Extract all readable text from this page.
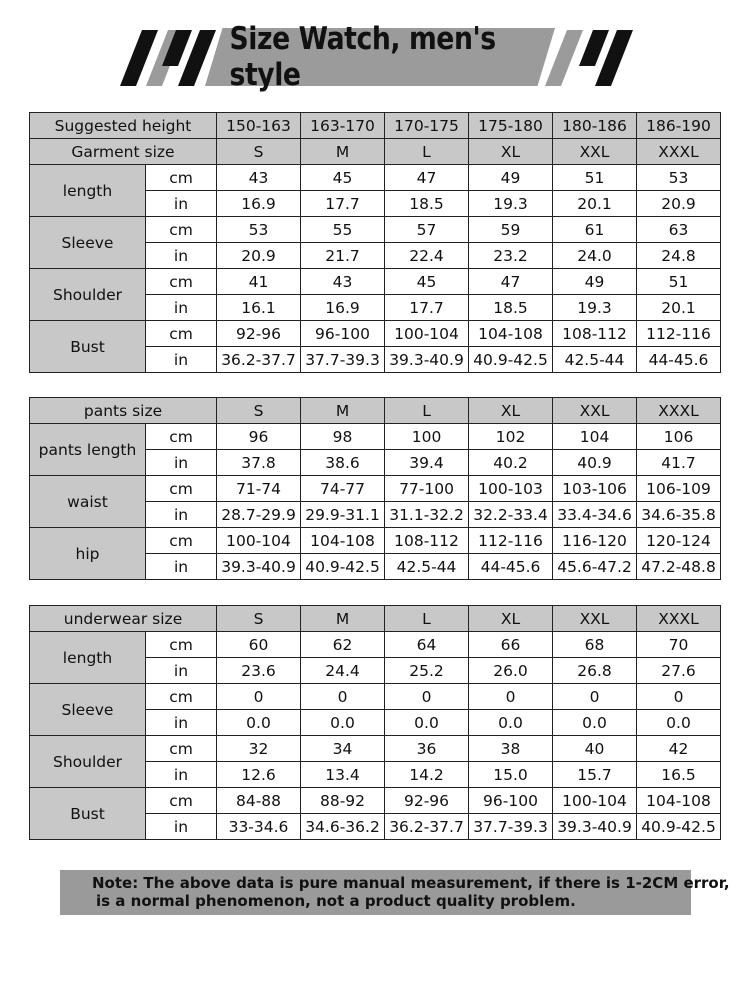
Size Watch, men's style
Suggested height		150-163	163-170	170-175	175-180	180-186	186-190
Garment size		S	M	L	XL	XXL	XXXL
length	cm	43	45	47	49	51	53
	in	16.9	17.7	18.5	19.3	20.1	20.9
Sleeve	cm	53	55	57	59	61	63
	in	20.9	21.7	22.4	23.2	24.0	24.8
Shoulder	cm	41	43	45	47	49	51
	in	16.1	16.9	17.7	18.5	19.3	20.1
Bust	cm	92-96	96-100	100-104	104-108	108-112	112-116
	in	36.2-37.7	37.7-39.3	39.3-40.9	40.9-42.5	42.5-44	44-45.6
pants size		S	M	L	XL	XXL	XXXL
pants length	cm	96	98	100	102	104	106
	in	37.8	38.6	39.4	40.2	40.9	41.7
waist	cm	71-74	74-77	77-100	100-103	103-106	106-109
	in	28.7-29.9	29.9-31.1	31.1-32.2	32.2-33.4	33.4-34.6	34.6-35.8
hip	cm	100-104	104-108	108-112	112-116	116-120	120-124
	in	39.3-40.9	40.9-42.5	42.5-44	44-45.6	45.6-47.2	47.2-48.8
underwear size		S	M	L	XL	XXL	XXXL
length	cm	60	62	64	66	68	70
	in	23.6	24.4	25.2	26.0	26.8	27.6
Sleeve	cm	0	0	0	0	0	0
	in	0.0	0.0	0.0	0.0	0.0	0.0
Shoulder	cm	32	34	36	38	40	42
	in	12.6	13.4	14.2	15.0	15.7	16.5
Bust	cm	84-88	88-92	92-96	96-100	100-104	104-108
	in	33-34.6	34.6-36.2	36.2-37.7	37.7-39.3	39.3-40.9	40.9-42.5
Note: The above data is pure manual measurement, if there is 1-2CM error,
is a normal phenomenon, not a product quality problem.
